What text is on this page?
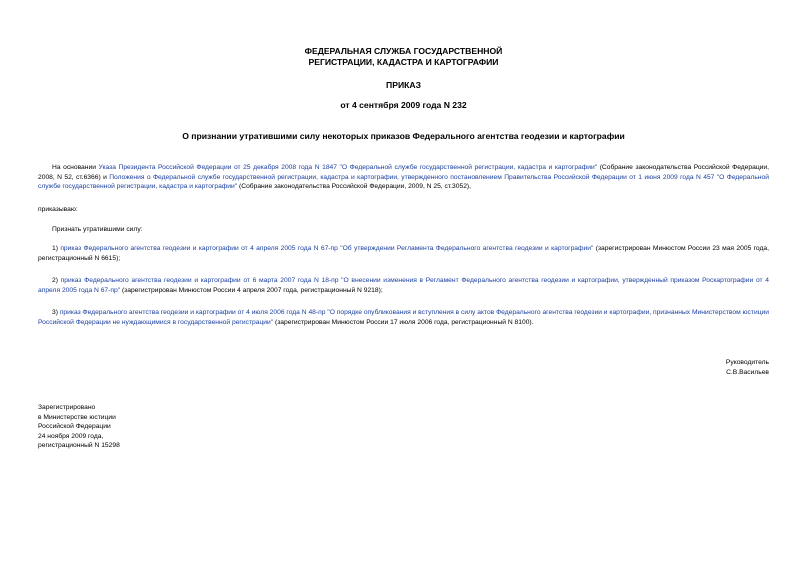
ФЕДЕРАЛЬНАЯ СЛУЖБА ГОСУДАРСТВЕННОЙ
РЕГИСТРАЦИИ, КАДАСТРА И КАРТОГРАФИИ
ПРИКАЗ
от 4 сентября 2009 года N 232
О признании утратившими силу некоторых приказов Федерального агентства геодезии и картографии
На основании Указа Президента Российской Федерации от 25 декабря 2008 года N 1847 "О Федеральной службе государственной регистрации, кадастра и картографии" (Собрание законодательства Российской Федерации, 2008, N 52, ст.6366) и Положения о Федеральной службе государственной регистрации, кадастра и картографии, утвержденного постановлением Правительства Российской Федерации от 1 июня 2009 года N 457 "О Федеральной службе государственной регистрации, кадастра и картографии" (Собрание законодательства Российской Федерации, 2009, N 25, ст.3052),
приказываю:
Признать утратившими силу:
1) приказ Федерального агентства геодезии и картографии от 4 апреля 2005 года N 67-пр "Об утверждении Регламента Федерального агентства геодезии и картографии" (зарегистрирован Минюстом России 23 мая 2005 года, регистрационный N 6615);
2) приказ Федерального агентства геодезии и картографии от 6 марта 2007 года N 18-пр "О внесении изменения в Регламент Федерального агентства геодезии и картографии, утвержденный приказом Роскартографии от 4 апреля 2005 года N 67-пр" (зарегистрирован Минюстом России 4 апреля 2007 года, регистрационный N 9218);
3) приказ Федерального агентства геодезии и картографии от 4 июля 2006 года N 48-пр "О порядке опубликования и вступления в силу актов Федерального агентства геодезии и картографии, признанных Министерством юстиции Российской Федерации не нуждающимися в государственной регистрации" (зарегистрирован Минюстом России 17 июля 2006 года, регистрационный N 8100).
Руководитель
С.В.Васильев
Зарегистрировано
в Министерстве юстиции
Российской Федерации
24 ноября 2009 года,
регистрационный N 15298
